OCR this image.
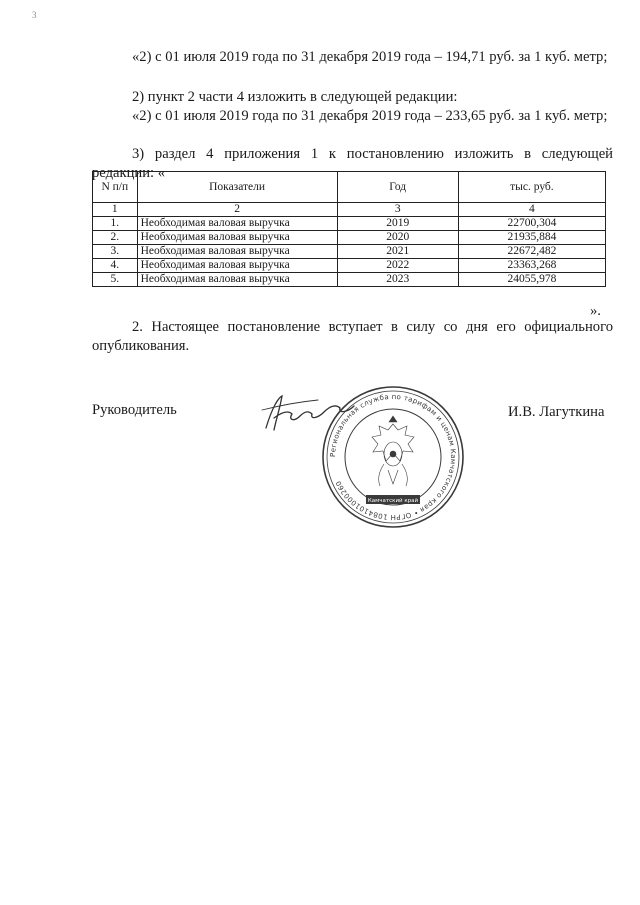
3

«2) с 01 июля 2019 года по 31 декабря 2019 года – 194,71 руб. за 1 куб. метр;

2) пункт 2 части 4 изложить в следующей редакции:

«2) с 01 июля 2019 года по 31 декабря 2019 года – 233,65 руб. за 1 куб. метр;

3) раздел 4 приложения 1 к постановлению изложить в следующей редакции: «

N п/п	Показатели	Год	тыс. руб.
1	2	3	4
1.	Необходимая валовая выручка	2019	22700,304
2.	Необходимая валовая выручка	2020	21935,884
3.	Необходимая валовая выручка	2021	22672,482
4.	Необходимая валовая выручка	2022	23363,268
5.	Необходимая валовая выручка	2023	24055,978
».

2. Настоящее постановление вступает в силу со дня его официального опубликования.

Руководитель
Региональная служба по тарифам и ценам Камчатского края • ОГРН 1084101000260
Камчатский край
И.В. Лагуткина
